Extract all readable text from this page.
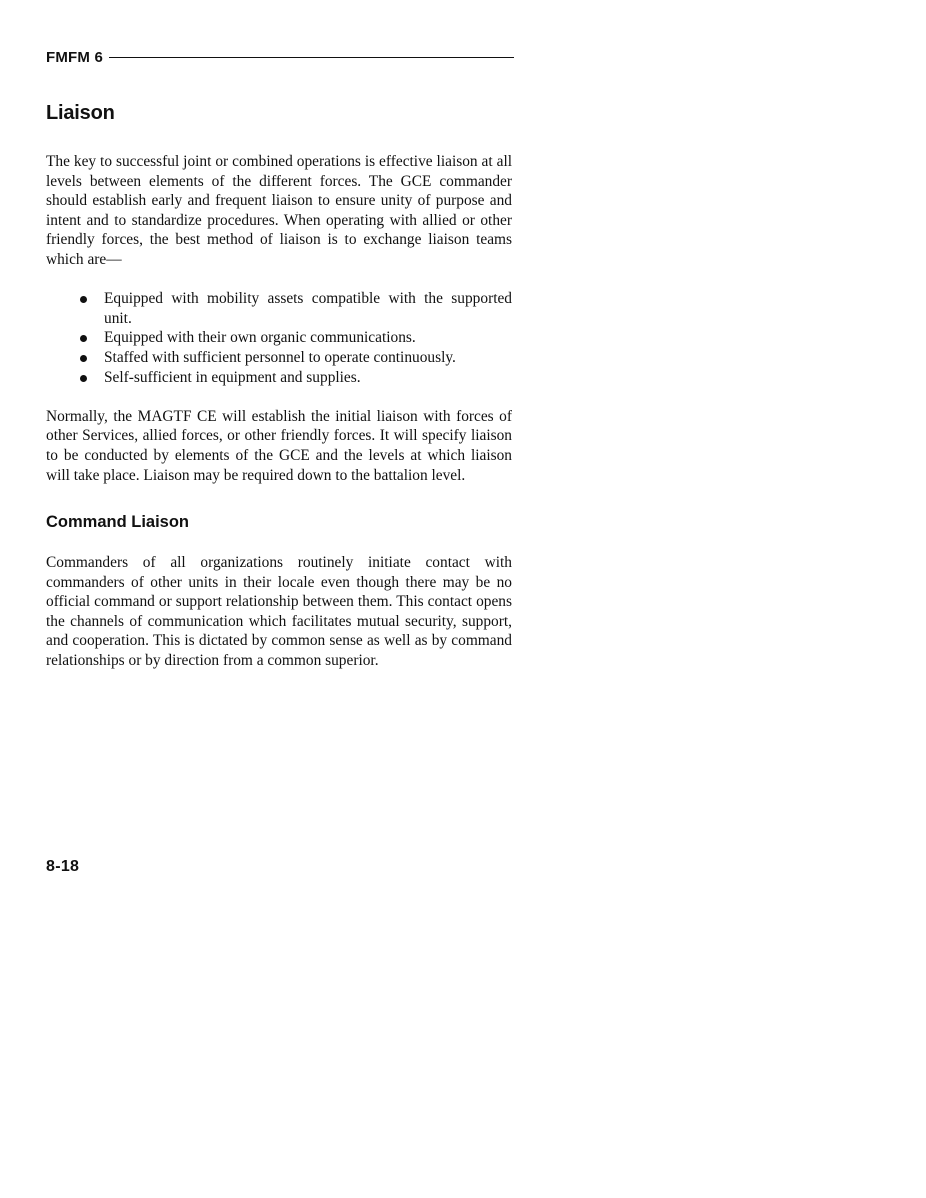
FMFM 6
Liaison

The key to successful joint or combined operations is effective liaison at all levels between elements of the different forces. The GCE commander should establish early and frequent liaison to ensure unity of purpose and intent and to standardize procedures. When operating with allied or other friendly forces, the best method of liaison is to exchange liaison teams which are—

Equipped with mobility assets compatible with the supported unit.
Equipped with their own organic communications.
Staffed with sufficient personnel to operate continuously.
Self-sufficient in equipment and supplies.

Normally, the MAGTF CE will establish the initial liaison with forces of other Services, allied forces, or other friendly forces. It will specify liaison to be conducted by elements of the GCE and the levels at which liaison will take place. Liaison may be required down to the battalion level.

Command Liaison

Commanders of all organizations routinely initiate contact with commanders of other units in their locale even though there may be no official command or support relationship between them. This contact opens the channels of communication which facilitates mutual security, support, and cooperation. This is dictated by common sense as well as by command relationships or by direction from a common superior.

8-18
